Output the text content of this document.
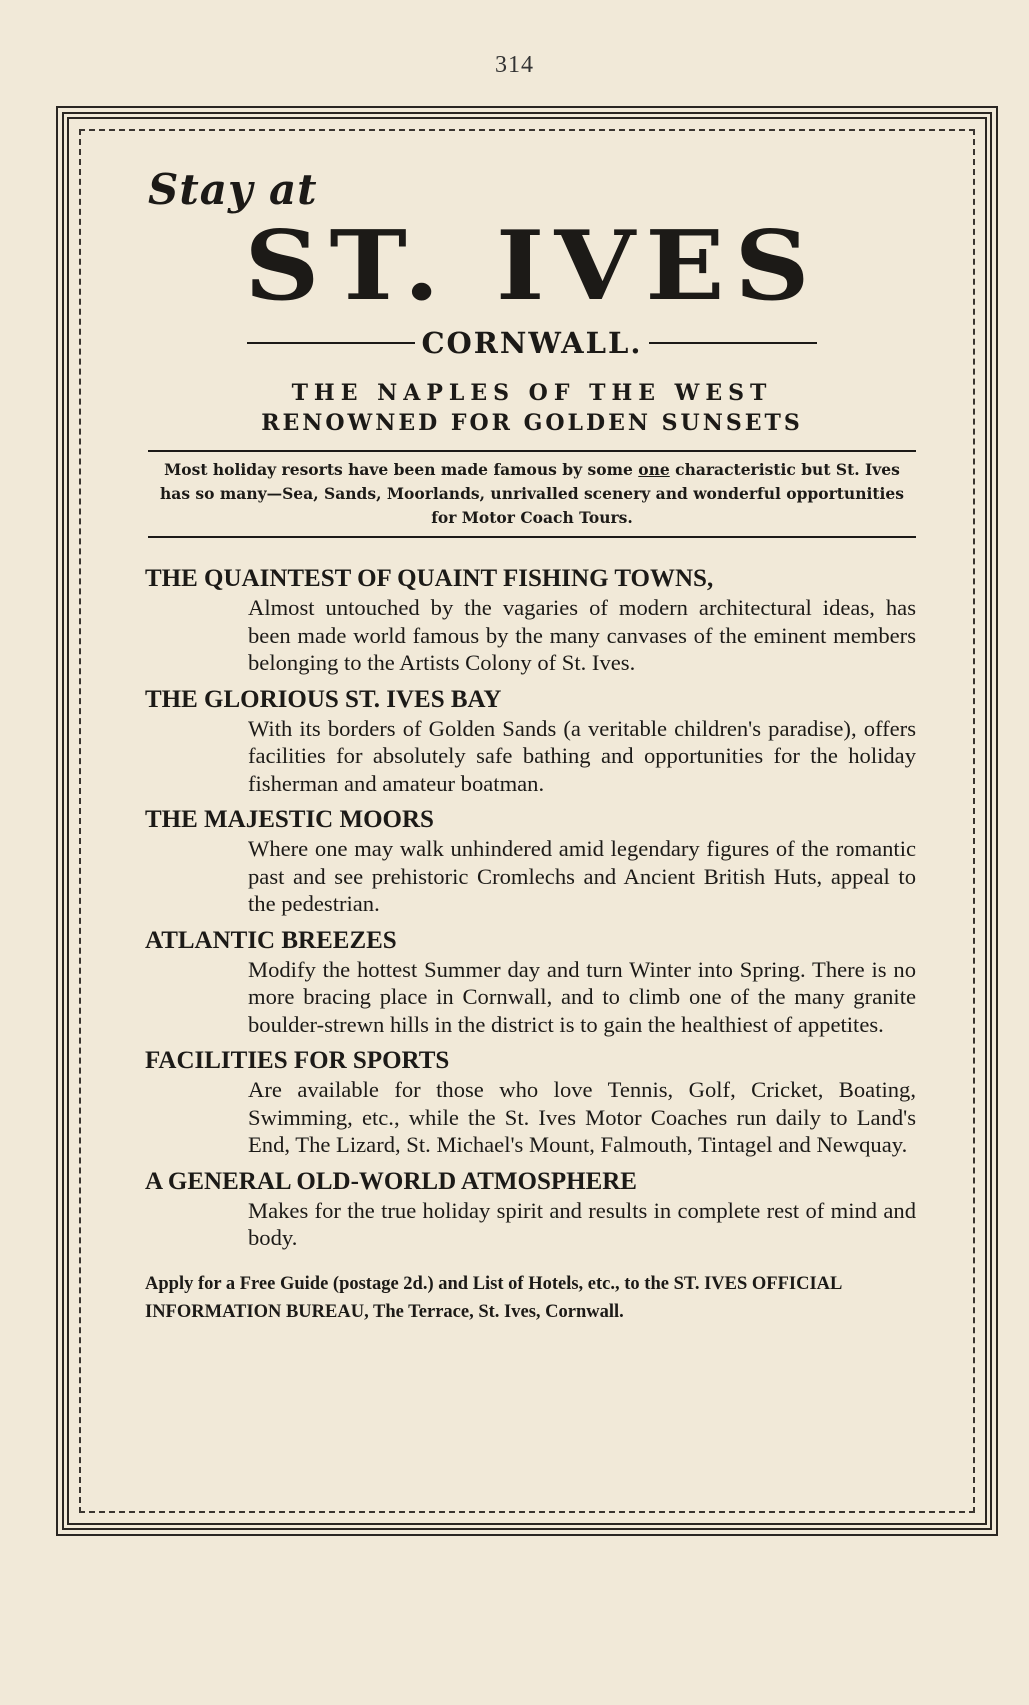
314
Stay at
ST. IVES
CORNWALL.
THE NAPLES OF THE WEST
RENOWNED FOR GOLDEN SUNSETS
Most holiday resorts have been made famous by some one characteristic but St. Ives has so many—Sea, Sands, Moorlands, unrivalled scenery and wonderful opportunities for Motor Coach Tours.
THE QUAINTEST OF QUAINT FISHING TOWNS,
Almost untouched by the vagaries of modern architectural ideas, has been made world famous by the many canvases of the eminent members belonging to the Artists Colony of St. Ives.
THE GLORIOUS ST. IVES BAY
With its borders of Golden Sands (a veritable children's paradise), offers facilities for absolutely safe bathing and opportunities for the holiday fisherman and amateur boatman.
THE MAJESTIC MOORS
Where one may walk unhindered amid legendary figures of the romantic past and see prehistoric Cromlechs and Ancient British Huts, appeal to the pedestrian.
ATLANTIC BREEZES
Modify the hottest Summer day and turn Winter into Spring. There is no more bracing place in Cornwall, and to climb one of the many granite boulder-strewn hills in the district is to gain the healthiest of appetites.
FACILITIES FOR SPORTS
Are available for those who love Tennis, Golf, Cricket, Boating, Swimming, etc., while the St. Ives Motor Coaches run daily to Land's End, The Lizard, St. Michael's Mount, Falmouth, Tintagel and Newquay.
A GENERAL OLD-WORLD ATMOSPHERE
Makes for the true holiday spirit and results in complete rest of mind and body.
Apply for a Free Guide (postage 2d.) and List of Hotels, etc., to the ST. IVES OFFICIAL INFORMATION BUREAU, The Terrace, St. Ives, Cornwall.
